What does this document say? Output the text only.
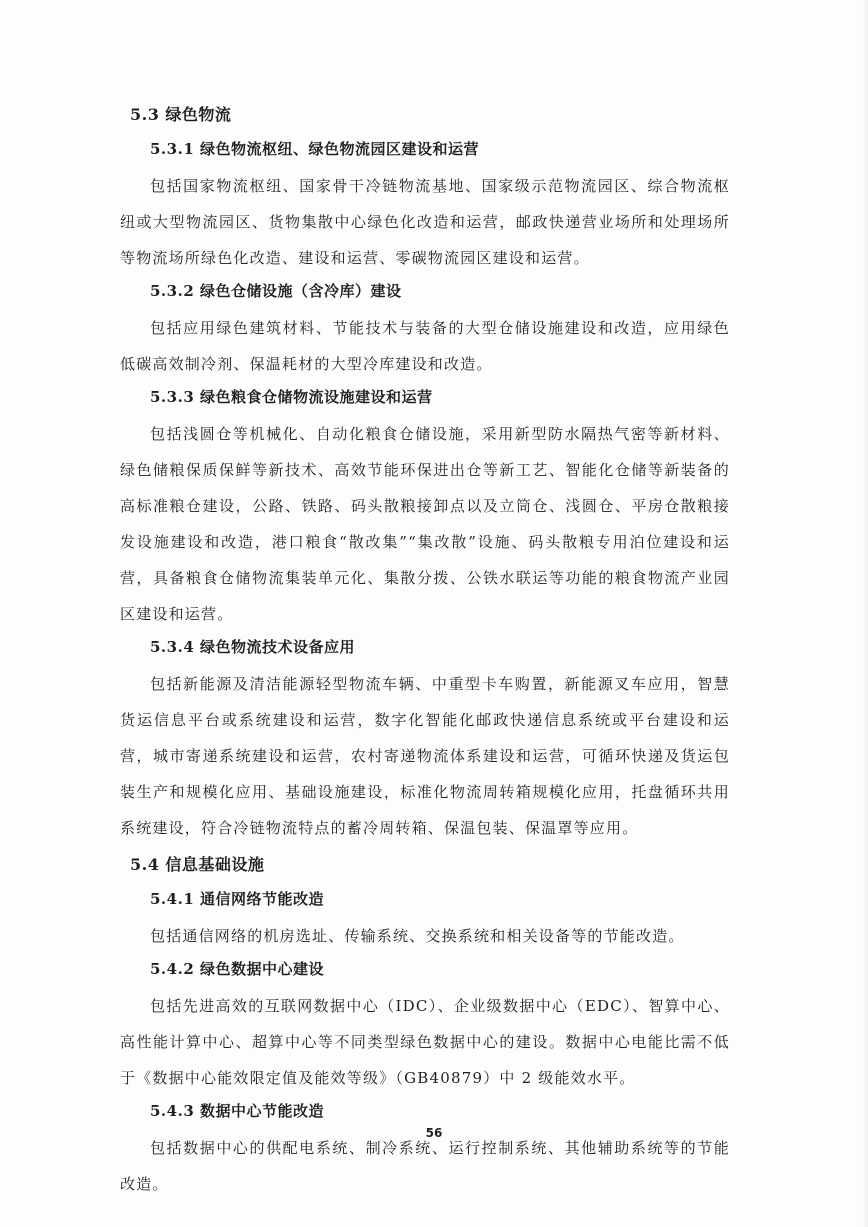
5.3 绿色物流
5.3.1 绿色物流枢纽、绿色物流园区建设和运营

包括国家物流枢纽、国家骨干冷链物流基地、国家级示范物流园区、综合物流枢纽或大型物流园区、货物集散中心绿色化改造和运营，邮政快递营业场所和处理场所等物流场所绿色化改造、建设和运营、零碳物流园区建设和运营。

5.3.2 绿色仓储设施（含冷库）建设

包括应用绿色建筑材料、节能技术与装备的大型仓储设施建设和改造，应用绿色低碳高效制冷剂、保温耗材的大型冷库建设和改造。

5.3.3 绿色粮食仓储物流设施建设和运营

包括浅圆仓等机械化、自动化粮食仓储设施，采用新型防水隔热气密等新材料、绿色储粮保质保鲜等新技术、高效节能环保进出仓等新工艺、智能化仓储等新装备的高标准粮仓建设，公路、铁路、码头散粮接卸点以及立筒仓、浅圆仓、平房仓散粮接发设施建设和改造，港口粮食“散改集”“集改散”设施、码头散粮专用泊位建设和运营，具备粮食仓储物流集装单元化、集散分拨、公铁水联运等功能的粮食物流产业园区建设和运营。

5.3.4 绿色物流技术设备应用

包括新能源及清洁能源轻型物流车辆、中重型卡车购置，新能源叉车应用，智慧货运信息平台或系统建设和运营，数字化智能化邮政快递信息系统或平台建设和运营，城市寄递系统建设和运营，农村寄递物流体系建设和运营，可循环快递及货运包装生产和规模化应用、基础设施建设，标准化物流周转箱规模化应用，托盘循环共用系统建设，符合冷链物流特点的蓄冷周转箱、保温包装、保温罩等应用。

5.4 信息基础设施
5.4.1 通信网络节能改造

包括通信网络的机房选址、传输系统、交换系统和相关设备等的节能改造。

5.4.2 绿色数据中心建设

包括先进高效的互联网数据中心（IDC）、企业级数据中心（EDC）、智算中心、高性能计算中心、超算中心等不同类型绿色数据中心的建设。数据中心电能比需不低于《数据中心能效限定值及能效等级》（GB40879）中 2 级能效水平。

5.4.3 数据中心节能改造

包括数据中心的供配电系统、制冷系统、运行控制系统、其他辅助系统等的节能改造。

56
